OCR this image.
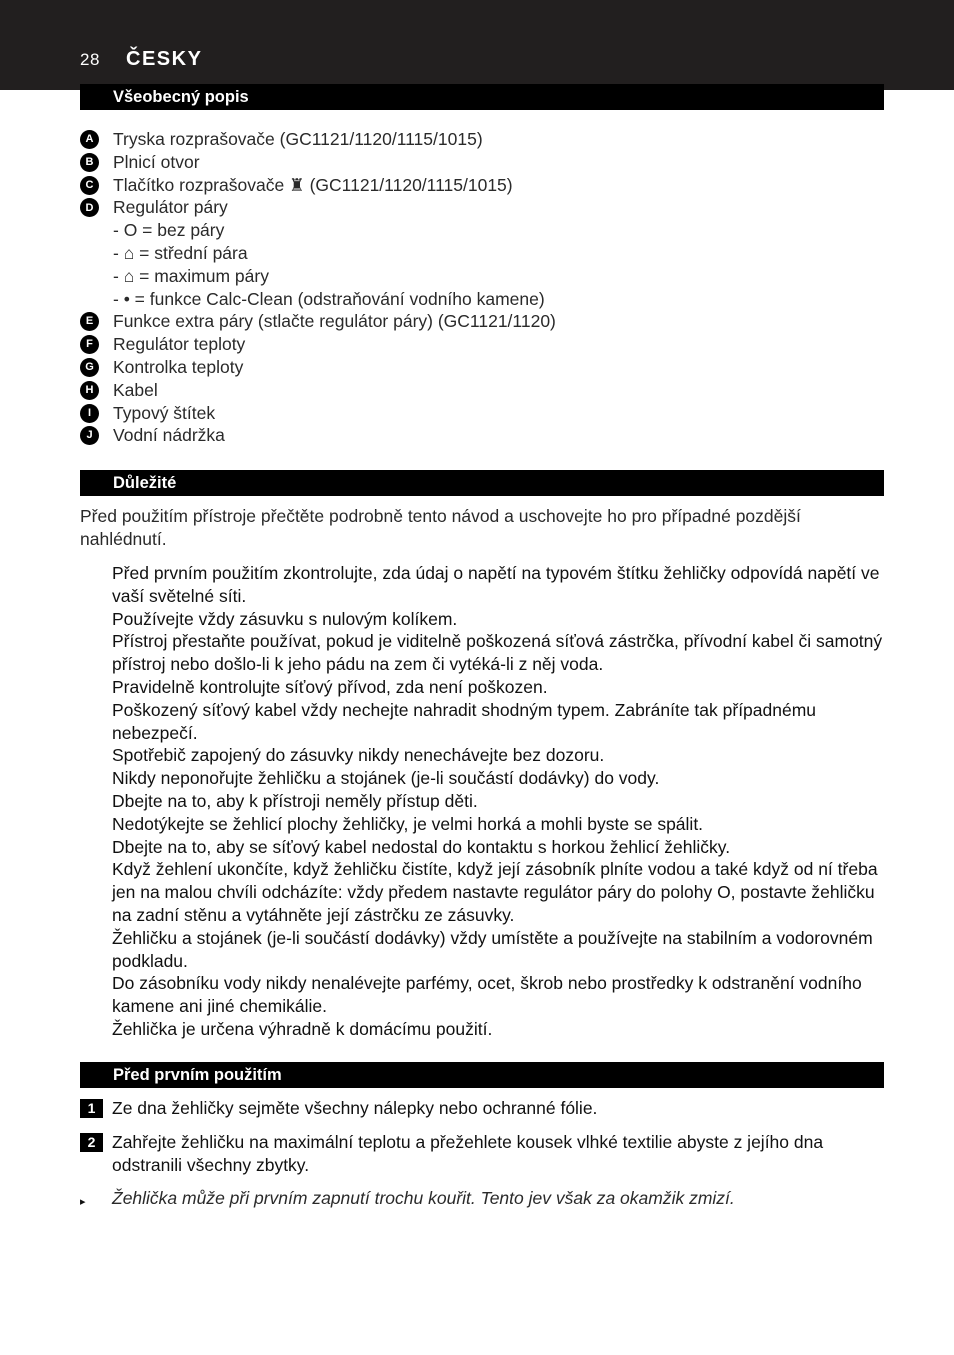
28 ČESKY
Všeobecný popis
A	Tryska rozprašovače (GC1121/1120/1115/1015)
B	Plnicí otvor
C	Tlačítko rozprašovače ♜ (GC1121/1120/1115/1015)
D	Regulátor páry
- O = bez páry
- ⌂ = střední pára
- ⌂ = maximum páry
- • = funkce Calc-Clean (odstraňování vodního kamene)
E	Funkce extra páry (stlačte regulátor páry) (GC1121/1120)
F	Regulátor teploty
G Kontrolka teploty
H	Kabel
I	Typový štítek
J	Vodní nádržka
Důležité

Před použitím přístroje přečtěte podrobně tento návod a uschovejte ho pro případné pozdější nahlédnutí.

Před prvním použitím zkontrolujte, zda údaj o napětí na typovém štítku žehličky odpovídá napětí ve vaší světelné síti.

Používejte vždy zásuvku s nulovým kolíkem.

Přístroj přestaňte používat, pokud je viditelně poškozená síťová zástrčka, přívodní kabel či samotný přístroj nebo došlo-li k jeho pádu na zem či vytéká-li z něj voda.

Pravidelně kontrolujte síťový přívod, zda není poškozen.

Poškozený síťový kabel vždy nechejte nahradit shodným typem. Zabráníte tak případnému nebezpečí.

Spotřebič zapojený do zásuvky nikdy nenechávejte bez dozoru.

Nikdy neponořujte žehličku a stojánek (je-li součástí dodávky) do vody.

Dbejte na to, aby k přístroji neměly přístup děti.

Nedotýkejte se žehlicí plochy žehličky, je velmi horká a mohli byste se spálit.

Dbejte na to, aby se síťový kabel nedostal do kontaktu s horkou žehlicí žehličky.

Když žehlení ukončíte, když žehličku čistíte, když její zásobník plníte vodou a také když od ní třeba jen na malou chvíli odcházíte: vždy předem nastavte regulátor páry do polohy O, postavte žehličku na zadní stěnu a vytáhněte její zástrčku ze zásuvky.

Žehličku a stojánek (je-li součástí dodávky) vždy umístěte a používejte na stabilním a vodorovném podkladu.

Do zásobníku vody nikdy nenalévejte parfémy, ocet, škrob nebo prostředky k odstranění vodního kamene ani jiné chemikálie.

Žehlička je určena výhradně k domácímu použití.

Před prvním použitím
1 Ze dna žehličky sejměte všechny nálepky nebo ochranné fólie.
2 Zahřejte žehličku na maximální teplotu a přežehlete kousek vlhké textilie abyste z jejího dna odstranili všechny zbytky.
▸	Žehlička může při prvním zapnutí trochu kouřit. Tento jev však za okamžik zmizí.
